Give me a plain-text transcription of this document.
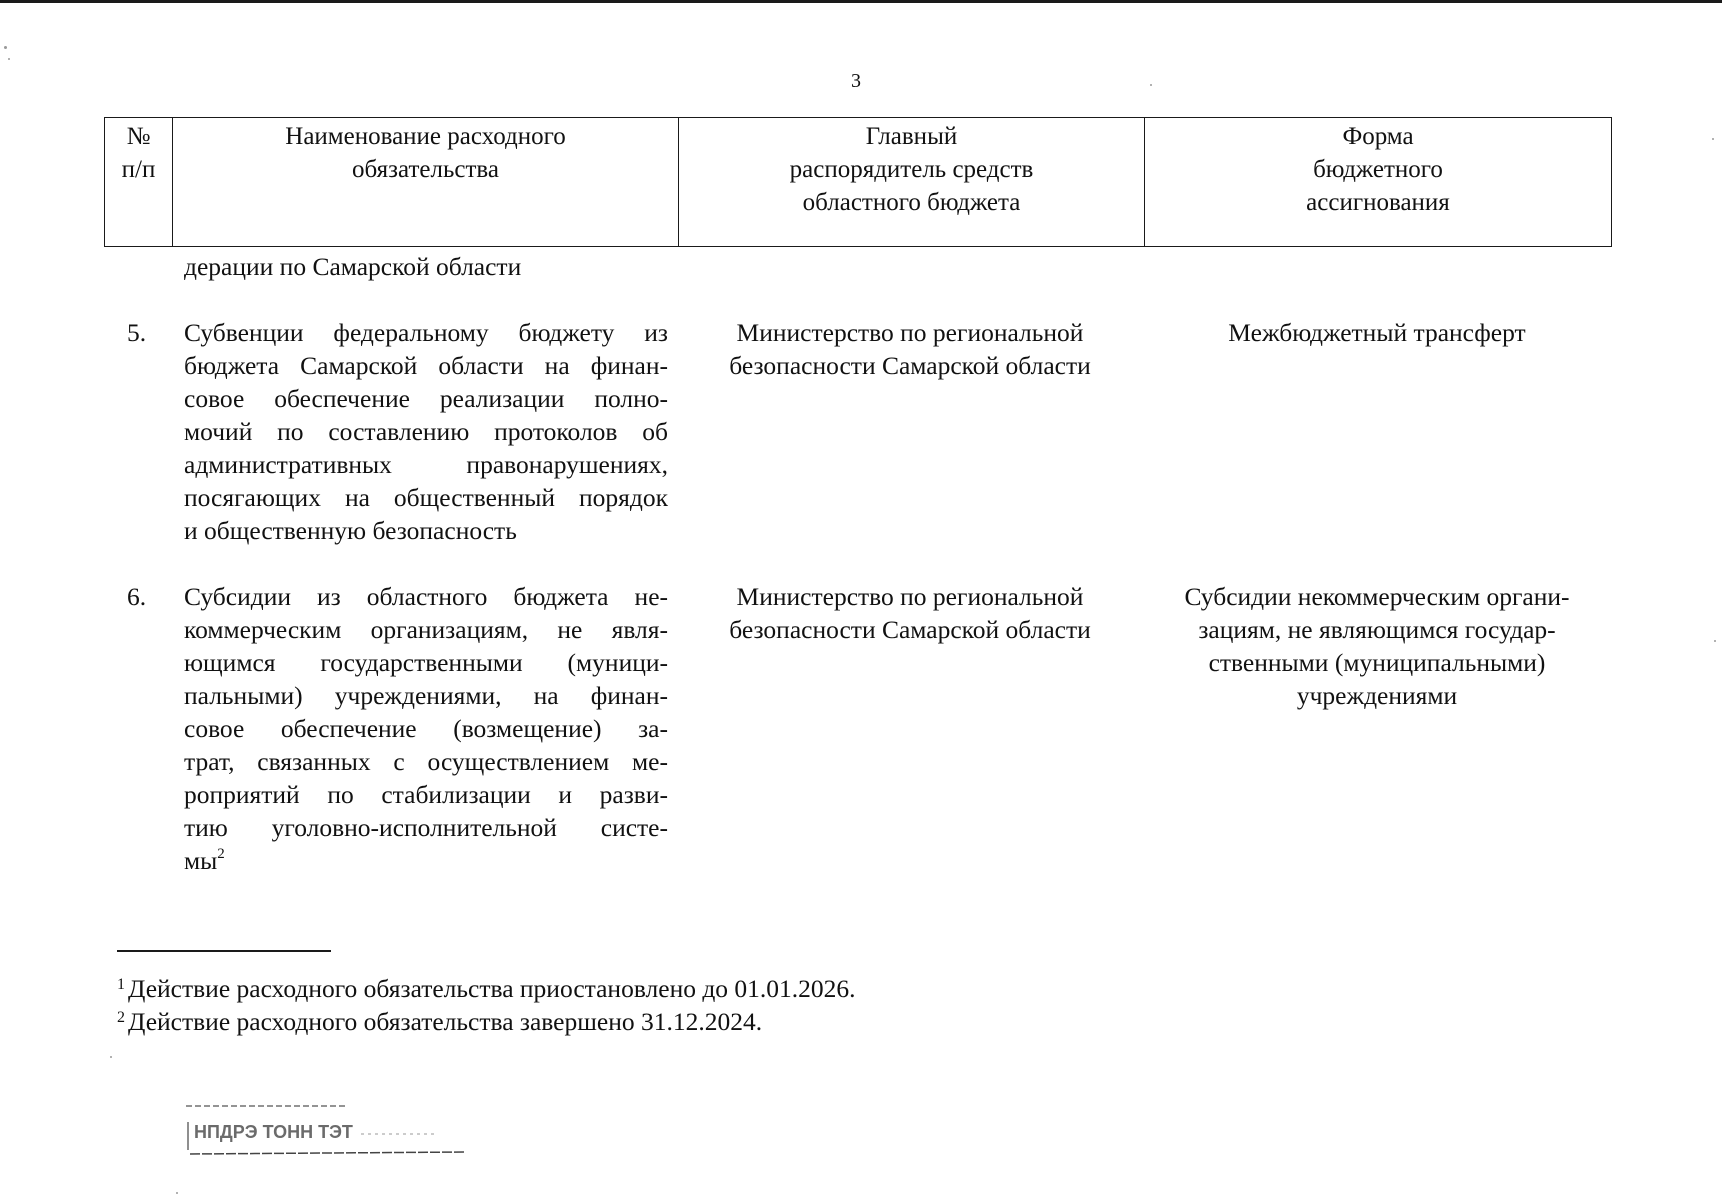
3
№
п/п
Наименование расходного
обязательства
Главный
распорядитель средств
областного бюджета
Форма
бюджетного
ассигнования
дерации по Самарской области
5. Субвенции федеральному бюджету из
бюджета Самарской области на финан-
совое обеспечение реализации полно-
мочий по составлению протоколов об
административных правонарушениях,
посягающих на общественный порядок
и общественную безопасность
Министерство по региональной
безопасности Самарской области
Межбюджетный трансферт
6. Субсидии из областного бюджета не-
коммерческим организациям, не явля-
ющимся государственными (муници-
пальными) учреждениями, на финан-
совое обеспечение (возмещение) за-
трат, связанных с осуществлением ме-
роприятий по стабилизации и разви-
тию уголовно-исполнительной систе-
мы$^2$
Министерство по региональной
безопасности Самарской области
Субсидии некоммерческим органи-
зациям, не являющимся государ-
ственными (муниципальными)
учреждениями
$^1$ Действие расходного обязательства приостановлено до 01.01.2026.
$^2$ Действие расходного обязательства завершено 31.12.2024.
НПДРЭ ТОНН ТЭТ
